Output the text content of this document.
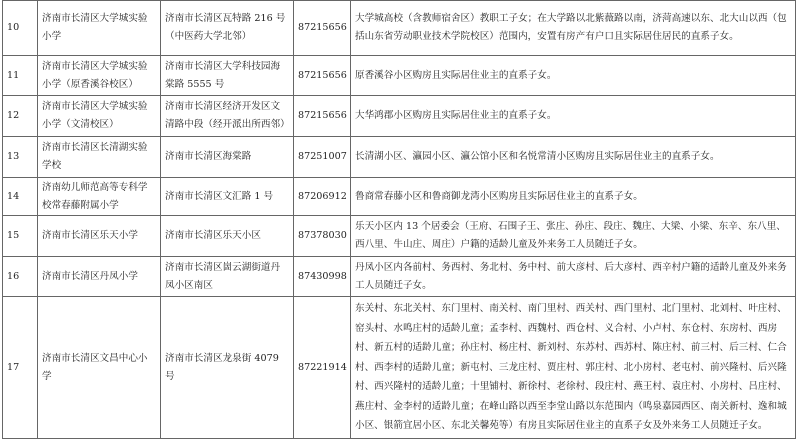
10	济南市长清区大学城实验小学	济南市长清区瓦特路 216 号（中医药大学北邻）	87215656	大学城高校（含教师宿舍区）教职工子女；在大学路以北紫薇路以南，济菏高速以东、北大山以西（包括山东省劳动职业技术学院校区）范围内，安置有房产有户口且实际居住居民的直系子女。
11	济南市长清区大学城实验小学（原香溪谷校区）	济南市长清区大学科技园海棠路 5555 号	87215656	原香溪谷小区购房且实际居住业主的直系子女。
12	济南市长清区大学城实验小学（文清校区）	济南市长清区经济开发区文清路中段（经开派出所西邻）	87215656	大华鸿郡小区购房且实际居住业主的直系子女。
13	济南市长清区长清湖实验学校	济南市长清区海棠路	87251007	长清湖小区、瀛园小区、瀛公馆小区和名悦常清小区购房且实际居住业主的直系子女。
14	济南幼儿师范高等专科学校常春藤附属小学	济南市长清区文汇路 1 号	87206912	鲁商常春藤小区和鲁商御龙湾小区购房且实际居住业主的直系子女。
15	济南市长清区乐天小学	济南市长清区乐天小区	87378030	乐天小区内 13 个居委会（王府、石围子王、张庄、孙庄、段庄、魏庄、大梁、小梁、东辛、东八里、西八里、牛山庄、周庄）户籍的适龄儿童及外来务工人员随迁子女。
16	济南市长清区丹凤小学	济南市长清区崮云湖街道丹凤小区南区	87430998	丹凤小区内各前村、务西村、务北村、务中村、前大彦村、后大彦村、西辛村户籍的适龄儿童及外来务工人员随迁子女。
17	济南市长清区文昌中心小学	济南市长清区龙泉街 4079 号	87221914	东关村、东北关村、东门里村、南关村、南门里村、西关村、西门里村、北门里村、北刘村、叶庄村、窑头村、水鸣庄村的适龄儿童；孟李村、西魏村、西仓村、义合村、小卢村、东仓村、东房村、西房村、新五村的适龄儿童；孙庄村、杨庄村、新刘村、东苏村、西苏村、陈庄村、前三村、后三村、仁合村、西李村的适龄儿童；新屯村、三龙庄村、贾庄村、郭庄村、北小房村、老屯村、前兴隆村、后兴隆村、西兴隆村的适龄儿童；十里铺村、新徐村、老徐村、段庄村、燕王村、袁庄村、小房村、吕庄村、燕庄村、金李村的适龄儿童；在峰山路以西至李堂山路以东范围内（鸣泉嘉园西区、南关新村、逸和城小区、银箭宜居小区、东北关馨苑等）有房且实际居住业主的直系子女及外来务工人员随迁子女。
